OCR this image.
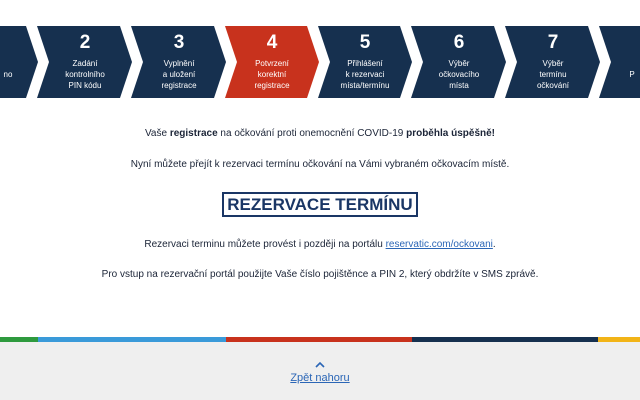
no
2
Zadání
kontrolního
PIN kódu
3
Vyplnění
a uložení
registrace
4
Potvrzení
korektní
registrace
5
Přihlášení
k rezervaci
místa/termínu
6
Výběr
očkovacího
místa
7
Výběr
termínu
očkování
P

Vaše registrace na očkování proti onemocnění COVID-19 proběhla úspěšně!

Nyní můžete přejít k rezervaci termínu očkování na Vámi vybraném očkovacím místě.

REZERVACE TERMÍNU

Rezervaci terminu můžete provést i později na portálu reservatic.com/ockovani.

Pro vstup na rezervační portál použijte Vaše číslo pojištěnce a PIN 2, který obdržíte v SMS zprávě.

Zpět nahoru
